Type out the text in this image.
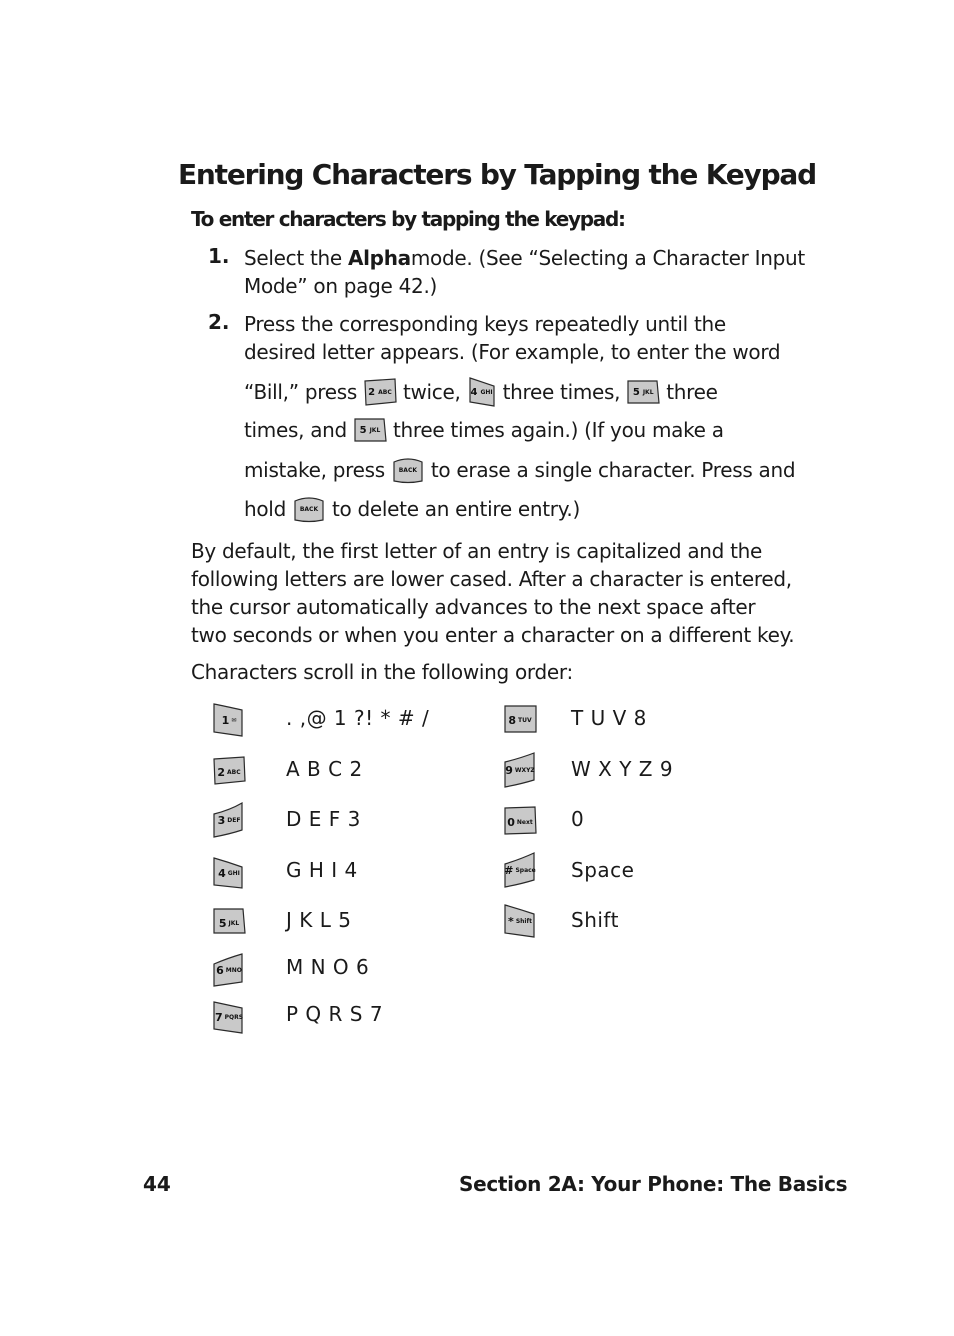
Entering Characters by Tapping the Keypad
To enter characters by tapping the keypad:
1. Select the
Alpha mode. (See “Selecting a Character Input
Mode” on page 42.)
2. Press the corresponding keys repeatedly until the
desired letter appears. (For example, to enter the word
“Bill,” press 2 ABC twice, 4 GHI three times, 5 JKL three
times, and 5 JKL three times again.) (If you make a
mistake, press	BACK to erase a single character. Press and
hold	BACK to delete an entire entry.)
By default, the first letter of an entry is capitalized and the
following letters are lower cased. After a character is entered,
the cursor automatically advances to the next space after
two seconds or when you enter a character on a different key.
Characters scroll in the following order:
1 ✉ . ,@ 1 ?! * # /
2 ABC A B C 2
3 DEF D E F 3
4 GHI G H I 4
5 JKL J K L 5
6 MNO M N O 6
7 PQRS P Q R S 7
8 TUV T U V 8
9 WXYZ W X Y Z 9
0 Next 0
# Space Space
* Shift Shift
44	Section 2A: Your Phone: The Basics
